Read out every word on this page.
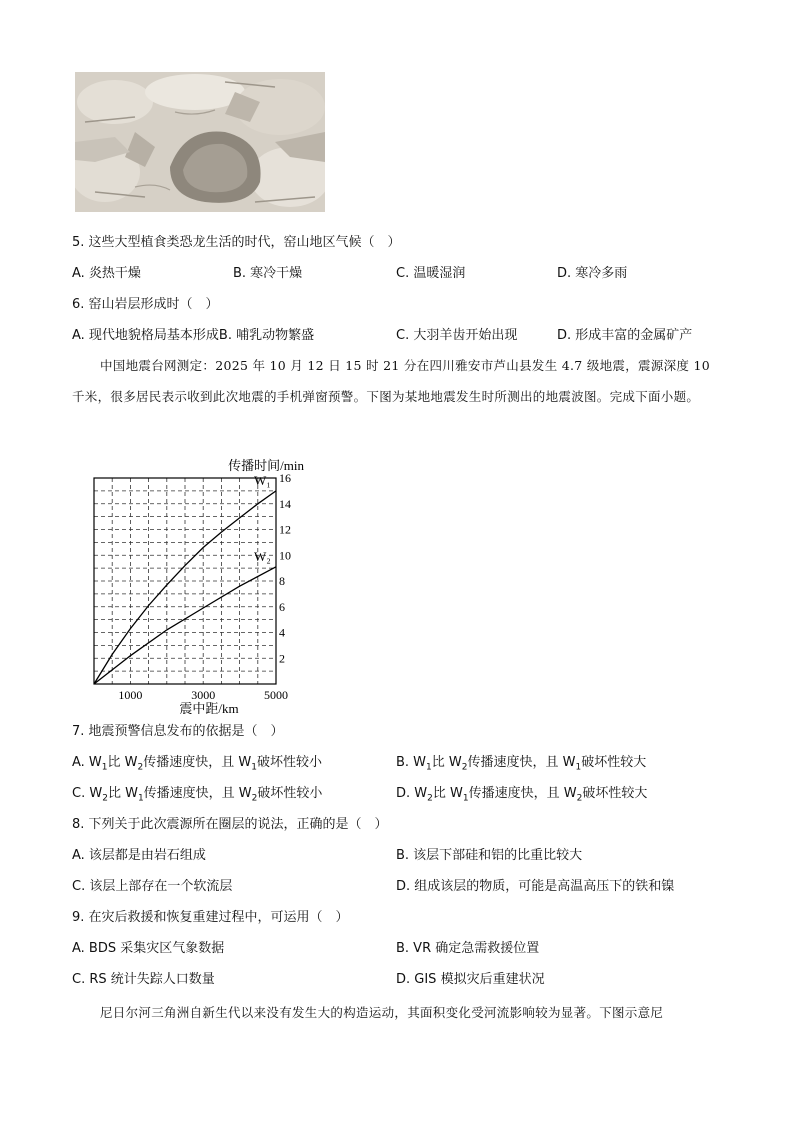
5. 这些大型植食类恐龙生活的时代，窑山地区气候（　）
A. 炎热干燥	B. 寒冷干燥	C. 温暖湿润	D. 寒冷多雨
6. 窑山岩层形成时（　）
A. 现代地貌格局基本形成B. 哺乳动物繁盛	C. 大羽羊齿开始出现	D. 形成丰富的金属矿产
中国地震台网测定：2025 年 10 月 12 日 15 时 21 分在四川雅安市芦山县发生 4.7 级地震，震源深度 10 千米，很多居民表示收到此次地震的手机弹窗预警。下图为某地地震发生时所测出的地震波图。完成下面小题。
2
4
6
8
10
12
14
16
1000	3000	5000
传播时间/min
震中距/km
W₁
W₂
7. 地震预警信息发布的依据是（　）
A. $W_1$比 $W_2$传播速度快，且 $W_1$破坏性较小	B. $W_1$比 $W_2$传播速度快，且 $W_1$破坏性较大
C. $W_2$比 $W_1$传播速度快，且 $W_2$破坏性较小	D. $W_2$比 $W_1$传播速度快，且 $W_2$破坏性较大
8. 下列关于此次震源所在圈层的说法，正确的是（　）
A. 该层都是由岩石组成	B. 该层下部硅和铝的比重比较大
C. 该层上部存在一个软流层	D. 组成该层的物质，可能是高温高压下的铁和镍
9. 在灾后救援和恢复重建过程中，可运用（　）
A. BDS 采集灾区气象数据	B. VR 确定急需救援位置
C. RS 统计失踪人口数量	D. GIS 模拟灾后重建状况
尼日尔河三角洲自新生代以来没有发生大的构造运动，其面积变化受河流影响较为显著。下图示意尼
